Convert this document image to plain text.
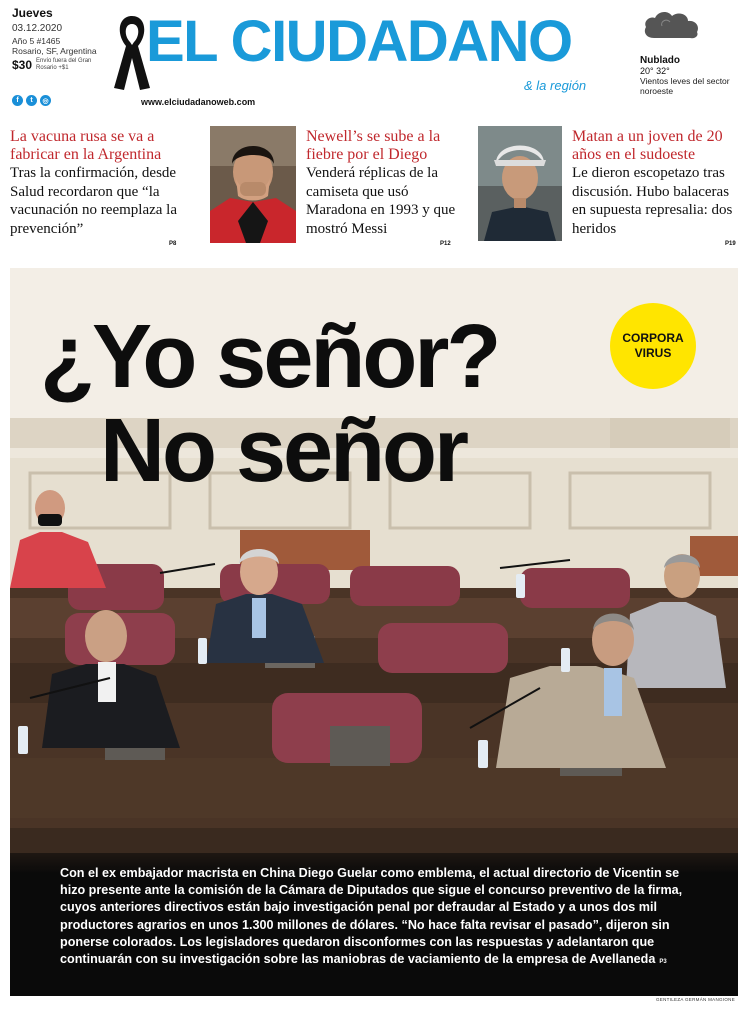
Jueves
03.12.2020
Año 5 #1465
Rosario, SF, Argentina
$30 Envío fuera del Gran Rosario +$1
f	t	◎	www.elciudadanoweb.com
EL CIUDADANO
& la región
Nublado
20° 32°
Vientos leves del sector noroeste
La vacuna rusa se va a fabricar en la Argentina
Tras la confirmación, desde Salud recordaron que “la vacunación no reemplaza la prevención”
P8
Newell’s se sube a la fiebre por el Diego
Venderá réplicas de la camiseta que usó Maradona en 1993 y que mostró Messi
P12
Matan a un joven de 20 años en el sudoeste
Le dieron escopetazo tras discusión. Hubo balaceras en supuesta represalia: dos heridos
P19
¿Yo señor?
No señor
CORPORA
VIRUS
Con el ex embajador macrista en China Diego Guelar como emblema, el actual directorio de Vicentin se hizo presente ante la comisión de la Cámara de Diputados que sigue el concurso preventivo de la firma, cuyos anteriores directivos están bajo investigación penal por defraudar al Estado y a unos dos mil productores agrarios en unos 1.300 millones de dólares. “No hace falta revisar el pasado”, dijeron sin ponerse colorados. Los legisladores quedaron disconformes con las respuestas y adelantaron que continuarán con su investigación sobre las maniobras de vaciamiento de la empresa de Avellaneda P3
GENTILEZA GERMÁN MANGIONE
